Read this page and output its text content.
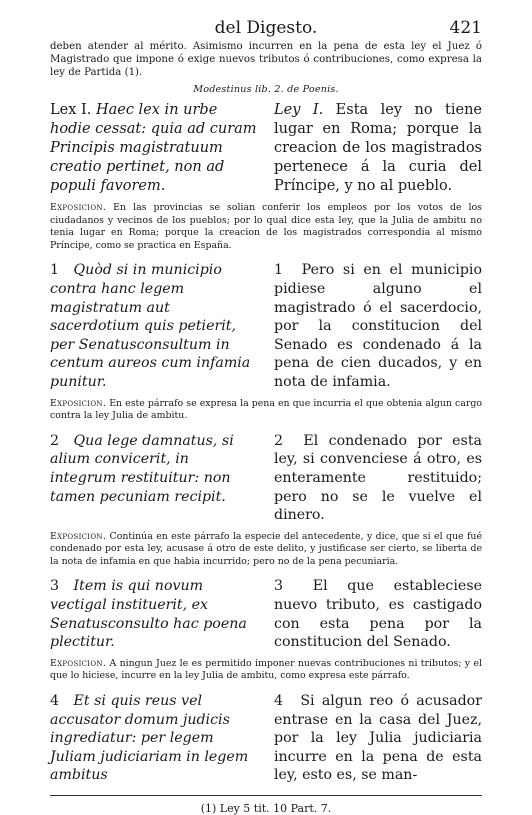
del Digesto.	421

deben atender al mérito. Asimismo incurren en la pena de esta ley el Juez ó Magistrado que impone ó exige nuevos tributos ó contribuciones, como expresa la ley de Partida (1).

Modestinus lib. 2. de Poenis.
Lex I. Haec lex in urbe hodie cessat: quia ad curam Principis magistratuum creatio pertinet, non ad populi favorem.
Ley I. Esta ley no tiene lugar en Roma; porque la creacion de los magistrados pertenece á la curia del Príncipe, y no al pueblo.
Exposicion. En las provincias se solian conferir los empleos por los votos de los ciudadanos y vecinos de los pueblos; por lo qual dice esta ley, que la Julia de ambitu no tenia lugar en Roma; porque la creacion de los magistrados correspondia al mismo Príncipe, como se practica en España.
1 Quòd si in municipio contra hanc legem magistratum aut sacerdotium quis petierit, per Senatusconsultum in centum aureos cum infamia punitur.
1 Pero si en el municipio pidiese alguno el magistrado ó el sacerdocio, por la constitucion del Senado es condenado á la pena de cien ducados, y en nota de infamia.
Exposicion. En este párrafo se expresa la pena en que incurria el que obtenia algun cargo contra la ley Julia de ambitu.
2 Qua lege damnatus, si alium convicerit, in integrum restituitur: non tamen pecuniam recipit.
2 El condenado por esta ley, si convenciese á otro, es enteramente restituido; pero no se le vuelve el dinero.
Exposicion. Continúa en este párrafo la especie del antecedente, y dice, que si el que fué condenado por esta ley, acusase á otro de este delito, y justificase ser cierto, se liberta de la nota de infamia en que habia incurrido; pero no de la pena pecuniaria.
3 Item is qui novum vectigal instituerit, ex Senatusconsulto hac poena plectitur.
3 El que estableciese nuevo tributo, es castigado con esta pena por la constitucion del Senado.
Exposicion. A ningun Juez le es permitido imponer nuevas contribuciones ni tributos; y el que lo hiciese, incurre en la ley Julia de ambitu, como expresa este párrafo.
4 Et si quis reus vel accusator domum judicis ingrediatur: per legem Juliam judiciariam in legem ambitus
4 Si algun reo ó acusador entrase en la casa del Juez, por la ley Julia judiciaria incurre en la pena de esta ley, esto es, se man-
(1) Ley 5 tit. 10 Part. 7.
